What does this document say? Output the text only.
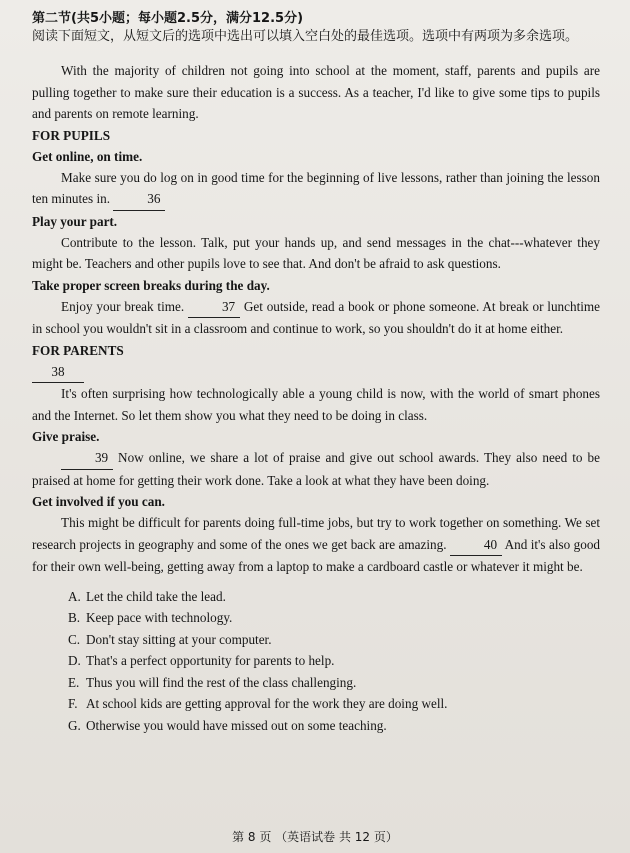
第二节(共5小题；每小题2.5分，满分12.5分)
阅读下面短文，从短文后的选项中选出可以填入空白处的最佳选项。选项中有两项为多余选项。

With the majority of children not going into school at the moment, staff, parents and pupils are pulling together to make sure their education is a success. As a teacher, I'd like to give some tips to pupils and parents on remote learning.

FOR PUPILS

Get online, on time.

Make sure you do log on in good time for the beginning of live lessons, rather than joining the lesson ten minutes in.	36

Play your part.

Contribute to the lesson. Talk, put your hands up, and send messages in the chat---whatever they might be. Teachers and other pupils love to see that. And don't be afraid to ask questions.

Take proper screen breaks during the day.

Enjoy your break time.	37 Get outside, read a book or phone someone. At break or lunchtime in school you wouldn't sit in a classroom and continue to work, so you shouldn't do it at home either.

FOR PARENTS

38

It's often surprising how technologically able a young child is now, with the world of smart phones and the Internet. So let them show you what they need to be doing in class.

Give praise.

39 Now online, we share a lot of praise and give out school awards. They also need to be praised at home for getting their work done. Take a look at what they have been doing.

Get involved if you can.

This might be difficult for parents doing full-time jobs, but try to work together on something. We set research projects in geography and some of the ones we get back are amazing.	40 And it's also good for their own well-being, getting away from a laptop to make a cardboard castle or whatever it might be.

A. Let the child take the lead.
B. Keep pace with technology.
C. Don't stay sitting at your computer.
D. That's a perfect opportunity for parents to help.
E. Thus you will find the rest of the class challenging.
F. At school kids are getting approval for the work they are doing well.
G. Otherwise you would have missed out on some teaching.
第 8 页 （英语试卷 共 12 页）
